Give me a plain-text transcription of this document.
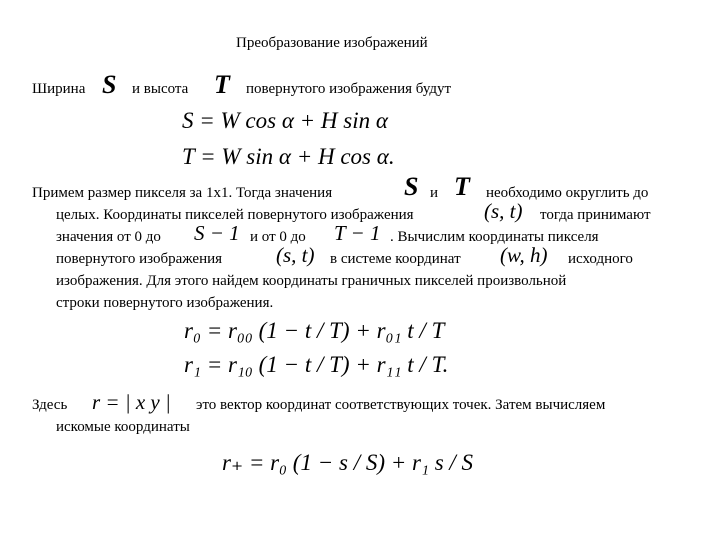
Преобразование изображений
Ширина S и высота T повернутого изображения будут
S = W cos α + H sin α
T = W sin α + H cos α.
Примем размер пикселя за 1x1. Тогда значения	S и T необходимо округлить до
целых. Координаты пикселей повернутого изображения	(s, t) тогда принимают
значения от 0 до S − 1 и от 0 до T − 1 . Вычислим координаты пикселя
повернутого изображения	(s, t) в системе координат (w, h) исходного
изображения. Для этого найдем координаты граничных пикселей произвольной
строки повернутого изображения.
r₀ = r₀₀ (1 − t / T) + r₀₁ t / T
r₁ = r₁₀ (1 − t / T) + r₁₁ t / T.
Здесь r = | x y | это вектор координат соответствующих точек. Затем вычисляем
искомые координаты
r₊ = r₀ (1 − s / S) + r₁ s / S
